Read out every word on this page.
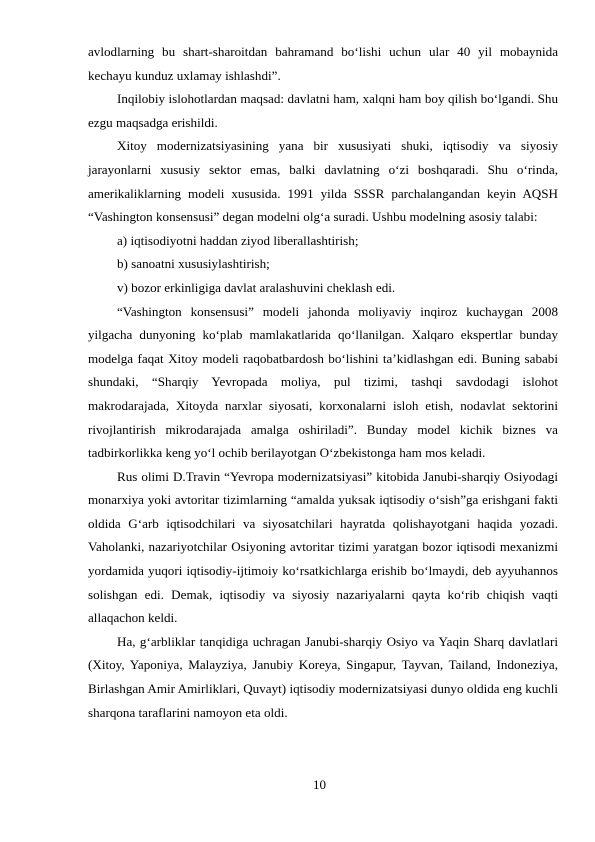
avlodlarning bu shart-sharoitdan bahramand bo‘lishi uchun ular 40 yil mobaynida kechayu kunduz uxlamay ishlashdi”.

Inqilobiy islohotlardan maqsad: davlatni ham, xalqni ham boy qilish bo‘lgandi. Shu ezgu maqsadga erishildi.

Xitoy modernizatsiyasining yana bir xususiyati shuki, iqtisodiy va siyosiy jarayonlarni xususiy sektor emas, balki davlatning o‘zi boshqaradi. Shu o‘rinda, amerikaliklarning modeli xususida. 1991 yilda SSSR parchalangandan keyin AQSH “Vashington konsensusi” degan modelni olg‘a suradi. Ushbu modelning asosiy talabi:

a) iqtisodiyotni haddan ziyod liberallashtirish;

b) sanoatni xususiylashtirish;

v) bozor erkinligiga davlat aralashuvini cheklash edi.

“Vashington konsensusi” modeli jahonda moliyaviy inqiroz kuchaygan 2008 yilgacha dunyoning ko‘plab mamlakatlarida qo‘llanilgan. Xalqaro ekspertlar bunday modelga faqat Xitoy modeli raqobatbardosh bo‘lishini ta’kidlashgan edi. Buning sababi shundaki, “Sharqiy Yevropada moliya, pul tizimi, tashqi savdodagi islohot makrodarajada, Xitoyda narxlar siyosati, korxonalarni isloh etish, nodavlat sektorini rivojlantirish mikrodarajada amalga oshiriladi”. Bunday model kichik biznes va tadbirkorlikka keng yo‘l ochib berilayotgan O‘zbekistonga ham mos keladi.

Rus olimi D.Travin “Yevropa modernizatsiyasi” kitobida Janubi-sharqiy Osiyodagi monarxiya yoki avtoritar tizimlarning “amalda yuksak iqtisodiy o‘sish”ga erishgani fakti oldida G‘arb iqtisodchilari va siyosatchilari hayratda qolishayotgani haqida yozadi. Vaholanki, nazariyotchilar Osiyoning avtoritar tizimi yaratgan bozor iqtisodi mexanizmi yordamida yuqori iqtisodiy-ijtimoiy ko‘rsatkichlarga erishib bo‘lmaydi, deb ayyuhannos solishgan edi. Demak, iqtisodiy va siyosiy nazariyalarni qayta ko‘rib chiqish vaqti allaqachon keldi.

Ha, g‘arbliklar tanqidiga uchragan Janubi-sharqiy Osiyo va Yaqin Sharq davlatlari (Xitoy, Yaponiya, Malayziya, Janubiy Koreya, Singapur, Tayvan, Tailand, Indoneziya, Birlashgan Amir Amirliklari, Quvayt) iqtisodiy modernizatsiyasi dunyo oldida eng kuchli sharqona taraflarini namoyon eta oldi.

10
